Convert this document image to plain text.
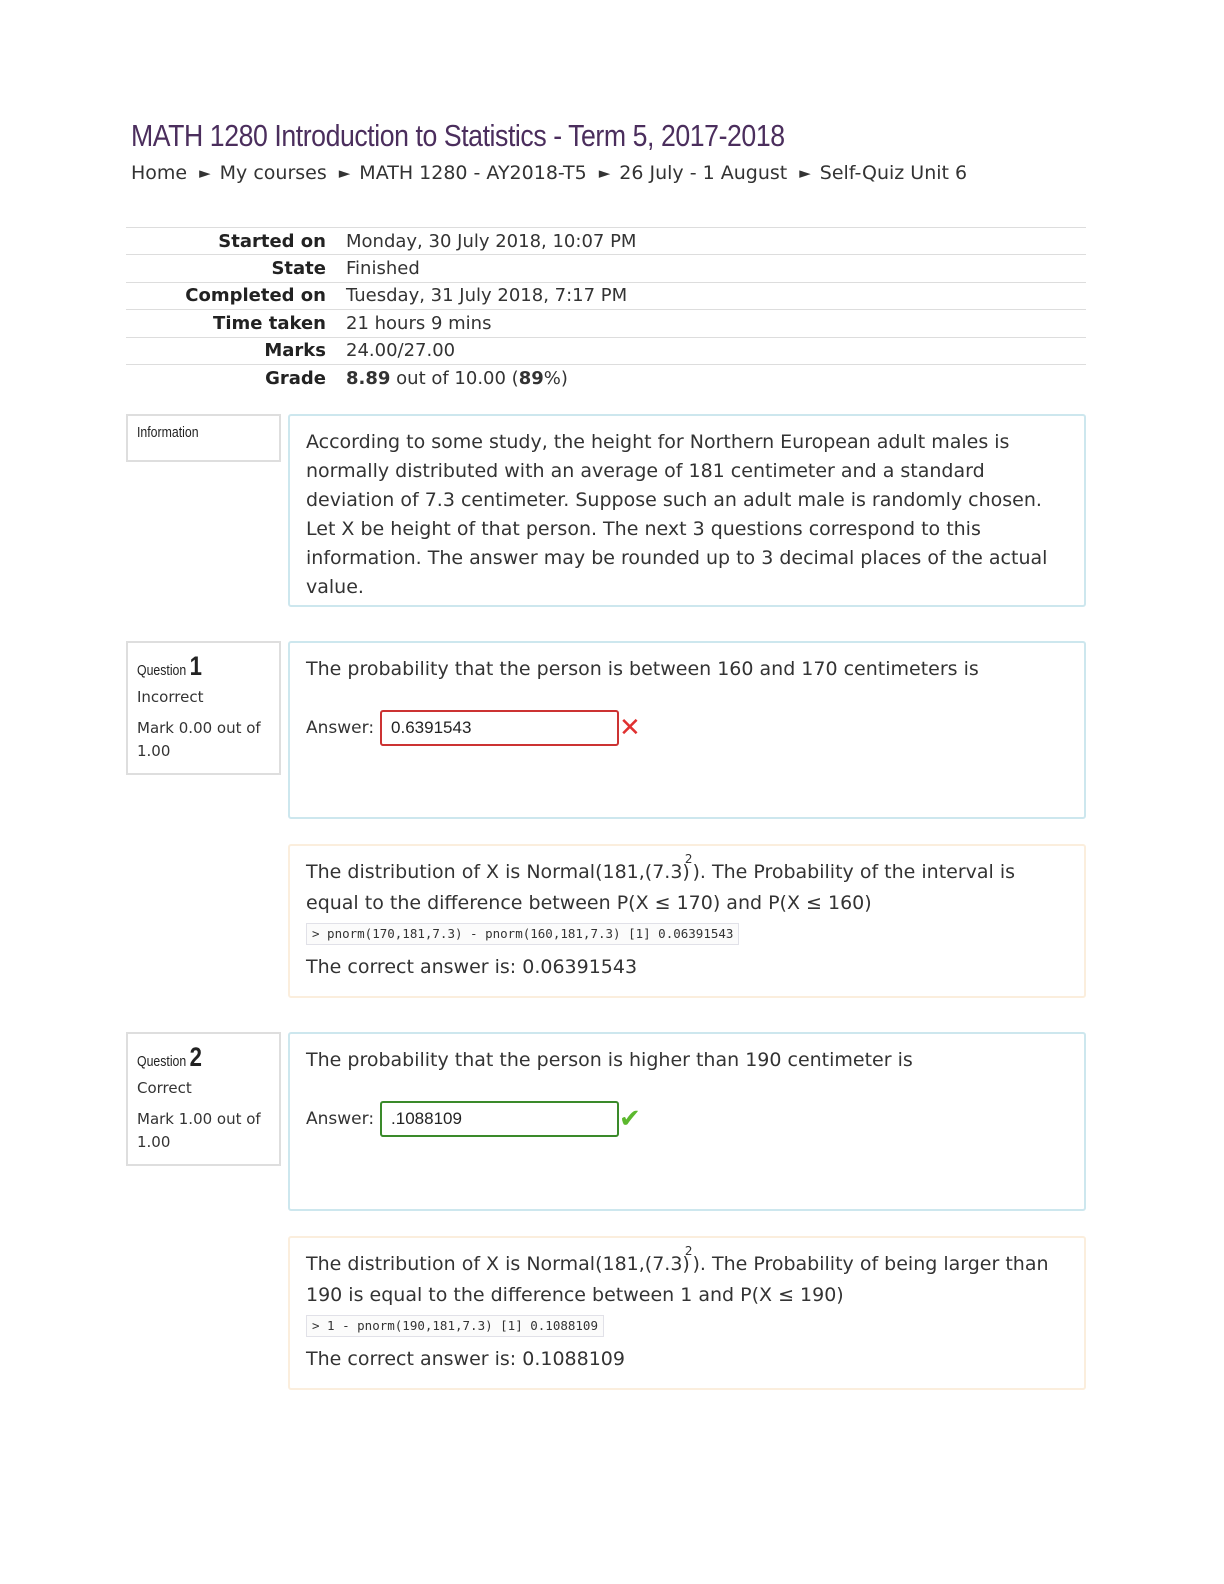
MATH 1280 Introduction to Statistics - Term 5, 2017-2018
Home ► My courses ► MATH 1280 - AY2018-T5 ► 26 July - 1 August ► Self-Quiz Unit 6
Started on	Monday, 30 July 2018, 10:07 PM
State	Finished
Completed on	Tuesday, 31 July 2018, 7:17 PM
Time taken	21 hours 9 mins
Marks	24.00/27.00
Grade	8.89 out of 10.00 (89%)
Information	According to some study, the height for Northern European adult males is normally distributed with an average of 181 centimeter and a standard deviation of 7.3 centimeter. Suppose such an adult male is randomly chosen. Let X be height of that person. The next 3 questions correspond to this information. The answer may be rounded up to 3 decimal places of the actual value.
Question 1
Incorrect
Mark 0.00 out of 1.00
The probability that the person is between 160 and 170 centimeters is
Answer:	0.6391543	✕
The distribution of X is $Normal(181,(7.3)^2)$. The Probability of the interval is equal to the difference between P(X ≤ 170) and P(X ≤ 160)
> pnorm(170,181,7.3) - pnorm(160,181,7.3) [1] 0.06391543
The correct answer is: 0.06391543
Question 2
Correct
Mark 1.00 out of 1.00
The probability that the person is higher than 190 centimeter is
Answer:	.1088109	✔
The distribution of X is $Normal(181,(7.3)^2)$. The Probability of being larger than 190 is equal to the difference between 1 and P(X ≤ 190)
> 1 - pnorm(190,181,7.3) [1] 0.1088109
The correct answer is: 0.1088109
